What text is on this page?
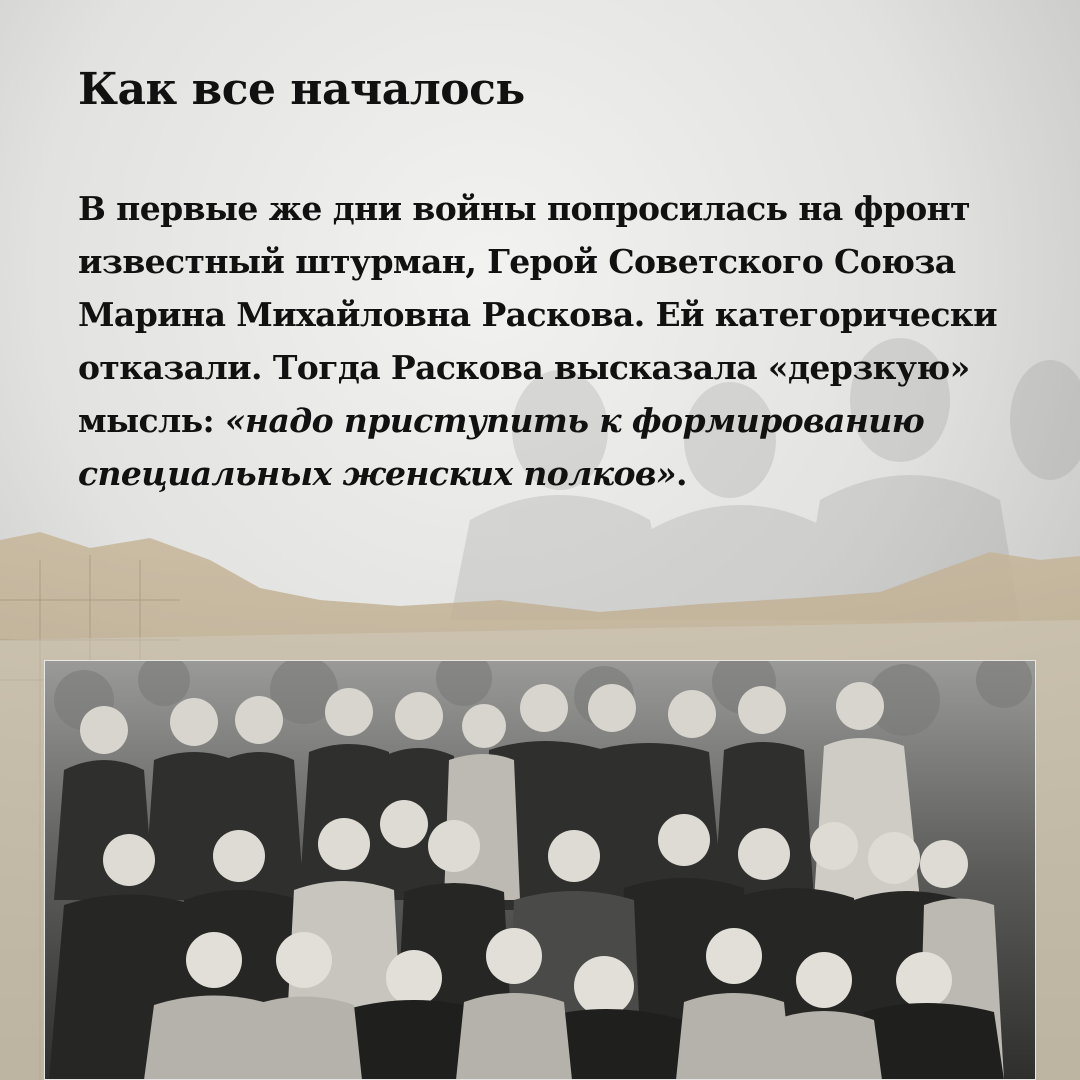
Как все началось

В первые же дни войны попросилась на фронт
известный штурман, Герой Советского Союза
Марина Михайловна Раскова. Ей категорически
отказали. Тогда Раскова высказала «дерзкую»
мысль: «надо приступить к формированию
специальных женских полков».
